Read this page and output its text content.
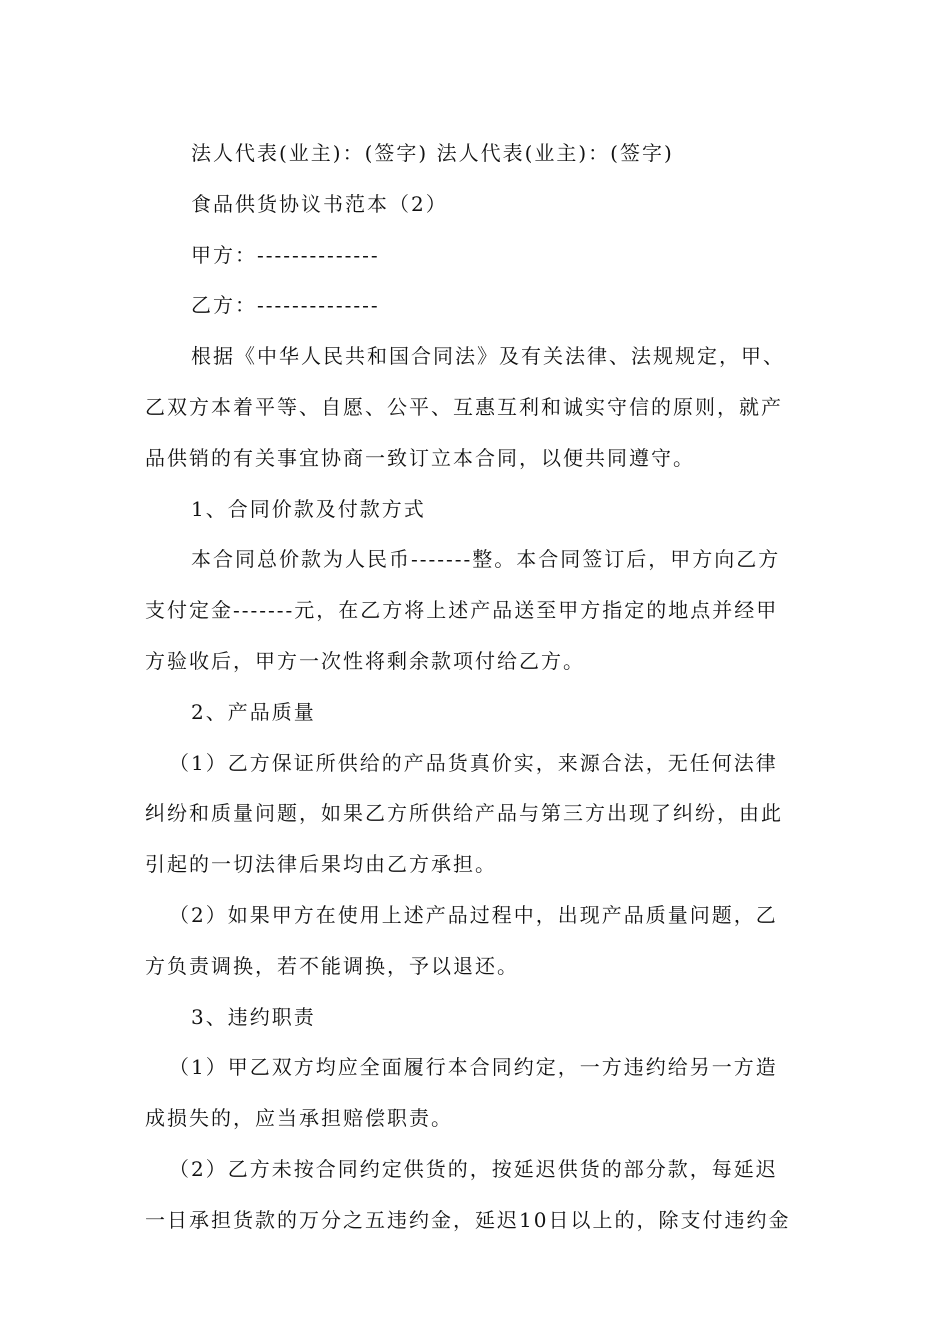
法人代表(业主)：(签字) 法人代表(业主)：(签字)

食品供货协议书范本（2）

甲方：--------------

乙方：--------------

根据《中华人民共和国合同法》及有关法律、法规规定，甲、

乙双方本着平等、自愿、公平、互惠互利和诚实守信的原则，就产

品供销的有关事宜协商一致订立本合同，以便共同遵守。

1、合同价款及付款方式

本合同总价款为人民币-------整。本合同签订后，甲方向乙方

支付定金-------元，在乙方将上述产品送至甲方指定的地点并经甲

方验收后，甲方一次性将剩余款项付给乙方。

2、产品质量

（1）乙方保证所供给的产品货真价实，来源合法，无任何法律

纠纷和质量问题，如果乙方所供给产品与第三方出现了纠纷，由此

引起的一切法律后果均由乙方承担。

（2）如果甲方在使用上述产品过程中，出现产品质量问题，乙

方负责调换，若不能调换，予以退还。

3、违约职责

（1）甲乙双方均应全面履行本合同约定，一方违约给另一方造

成损失的，应当承担赔偿职责。

（2）乙方未按合同约定供货的，按延迟供货的部分款，每延迟

一日承担货款的万分之五违约金，延迟10日以上的，除支付违约金
